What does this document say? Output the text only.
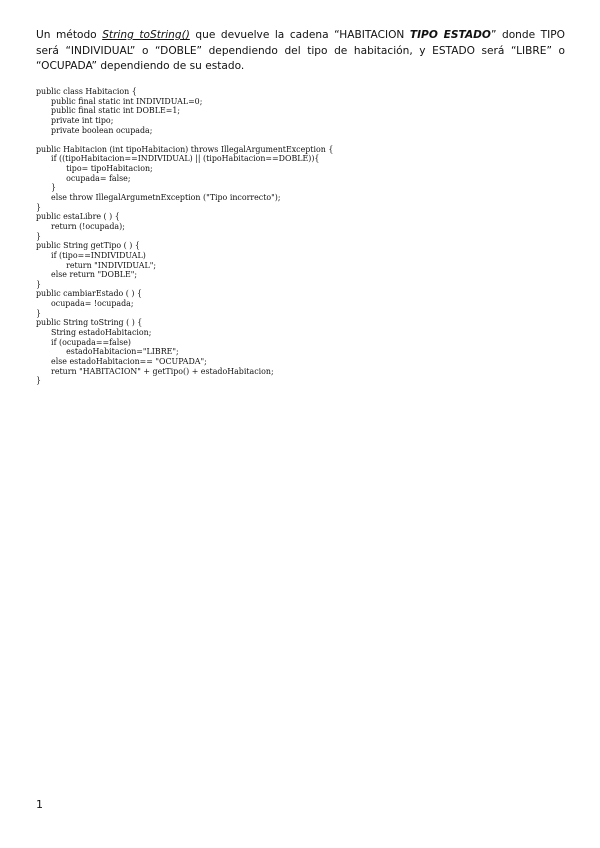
Un método String toString() que devuelve la cadena “HABITACION TIPO ESTADO” donde TIPO será “INDIVIDUAL” o “DOBLE” dependiendo del tipo de habitación, y ESTADO será “LIBRE” o “OCUPADA” dependiendo de su estado.

public class Habitacion {
public final static int INDIVIDUAL=0;
public final static int DOBLE=1;
private int tipo;
private boolean ocupada;
public Habitacion (int tipoHabitacion) throws IllegalArgumentException {
if ((tipoHabitacion==INDIVIDUAL) || (tipoHabitacion==DOBLE)){
tipo= tipoHabitacion;
ocupada= false;
}
else throw IllegalArgumetnException ("Tipo incorrecto");
}
public estaLibre ( ) {
return (!ocupada);
}
public String getTipo ( ) {
if (tipo==INDIVIDUAL)
return "INDIVIDUAL";
else return "DOBLE";
}
public cambiarEstado ( ) {
ocupada= !ocupada;
}
public String toString ( ) {
String estadoHabitacion;
if (ocupada==false)
estadoHabitacion="LIBRE";
else estadoHabitacion== "OCUPADA";
return "HABITACION" + getTipo() + estadoHabitacion;
}
1
